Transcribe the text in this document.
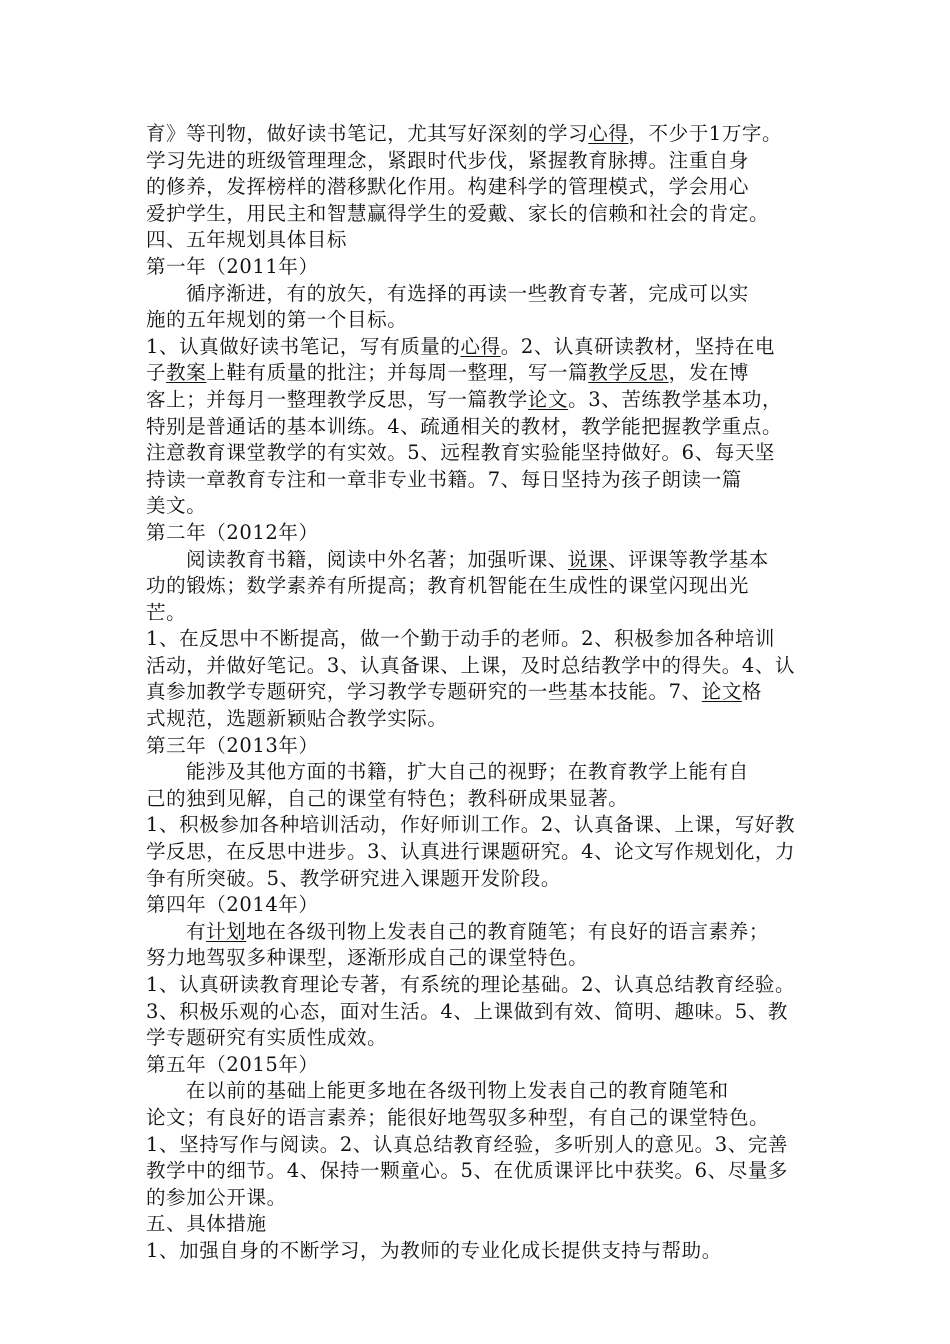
育》等刊物，做好读书笔记，尤其写好深刻的学习心得，不少于1万字。
学习先进的班级管理理念，紧跟时代步伐，紧握教育脉搏。注重自身
的修养，发挥榜样的潜移默化作用。构建科学的管理模式，学会用心
爱护学生，用民主和智慧赢得学生的爱戴、家长的信赖和社会的肯定。
四、五年规划具体目标
第一年（2011年）
循序渐进，有的放矢，有选择的再读一些教育专著，完成可以实
施的五年规划的第一个目标。
1、认真做好读书笔记，写有质量的心得。2、认真研读教材，坚持在电
子教案上鞋有质量的批注；并每周一整理，写一篇教学反思，发在博
客上；并每月一整理教学反思，写一篇教学论文。3、苦练教学基本功，
特别是普通话的基本训练。4、疏通相关的教材，教学能把握教学重点。
注意教育课堂教学的有实效。5、远程教育实验能坚持做好。6、每天坚
持读一章教育专注和一章非专业书籍。7、每日坚持为孩子朗读一篇
美文。
第二年（2012年）
阅读教育书籍，阅读中外名著；加强听课、说课、评课等教学基本
功的锻炼；数学素养有所提高；教育机智能在生成性的课堂闪现出光
芒。
1、在反思中不断提高，做一个勤于动手的老师。2、积极参加各种培训
活动，并做好笔记。3、认真备课、上课，及时总结教学中的得失。4、认
真参加教学专题研究，学习教学专题研究的一些基本技能。7、论文格
式规范，选题新颖贴合教学实际。
第三年（2013年）
能涉及其他方面的书籍，扩大自己的视野；在教育教学上能有自
己的独到见解，自己的课堂有特色；教科研成果显著。
1、积极参加各种培训活动，作好师训工作。2、认真备课、上课，写好教
学反思，在反思中进步。3、认真进行课题研究。4、论文写作规划化，力
争有所突破。5、教学研究进入课题开发阶段。
第四年（2014年）
有计划地在各级刊物上发表自己的教育随笔；有良好的语言素养；
努力地驾驭多种课型，逐渐形成自己的课堂特色。
1、认真研读教育理论专著，有系统的理论基础。2、认真总结教育经验。
3、积极乐观的心态，面对生活。4、上课做到有效、简明、趣味。5、教
学专题研究有实质性成效。
第五年（2015年）
在以前的基础上能更多地在各级刊物上发表自己的教育随笔和
论文；有良好的语言素养；能很好地驾驭多种型，有自己的课堂特色。
1、坚持写作与阅读。2、认真总结教育经验，多听别人的意见。3、完善
教学中的细节。4、保持一颗童心。5、在优质课评比中获奖。6、尽量多
的参加公开课。
五、具体措施
1、加强自身的不断学习，为教师的专业化成长提供支持与帮助。
